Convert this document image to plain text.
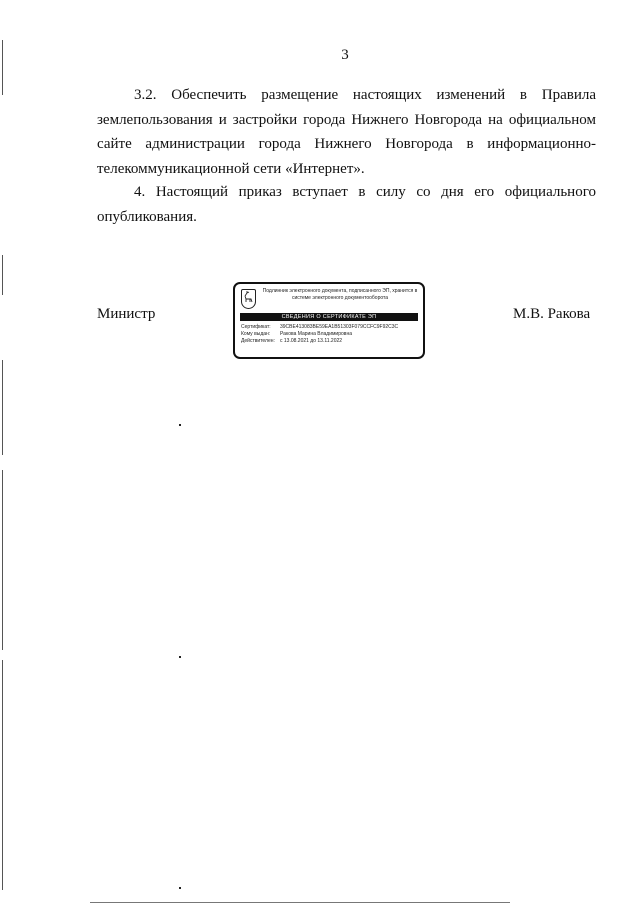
3

3.2. Обеспечить размещение настоящих изменений в Правила землепользования и застройки города Нижнего Новгорода на официальном сайте администрации города Нижнего Новгорода в информационно-телекоммуникационной сети «Интернет».

4. Настоящий приказ вступает в силу со дня его официального опубликования.

Министр	М.В. Ракова
Подлинник электронного документа, подписанного ЭП, хранится в системе электронного документооборота
СВЕДЕНИЯ О СЕРТИФИКАТЕ ЭП
Сертификат: 39CBE413083BE59EA1B51303F079CCFC9F92C3C
Кому выдан: Ракова Марина Владимировна
Действителен: с 13.08.2021 до 13.11.2022
